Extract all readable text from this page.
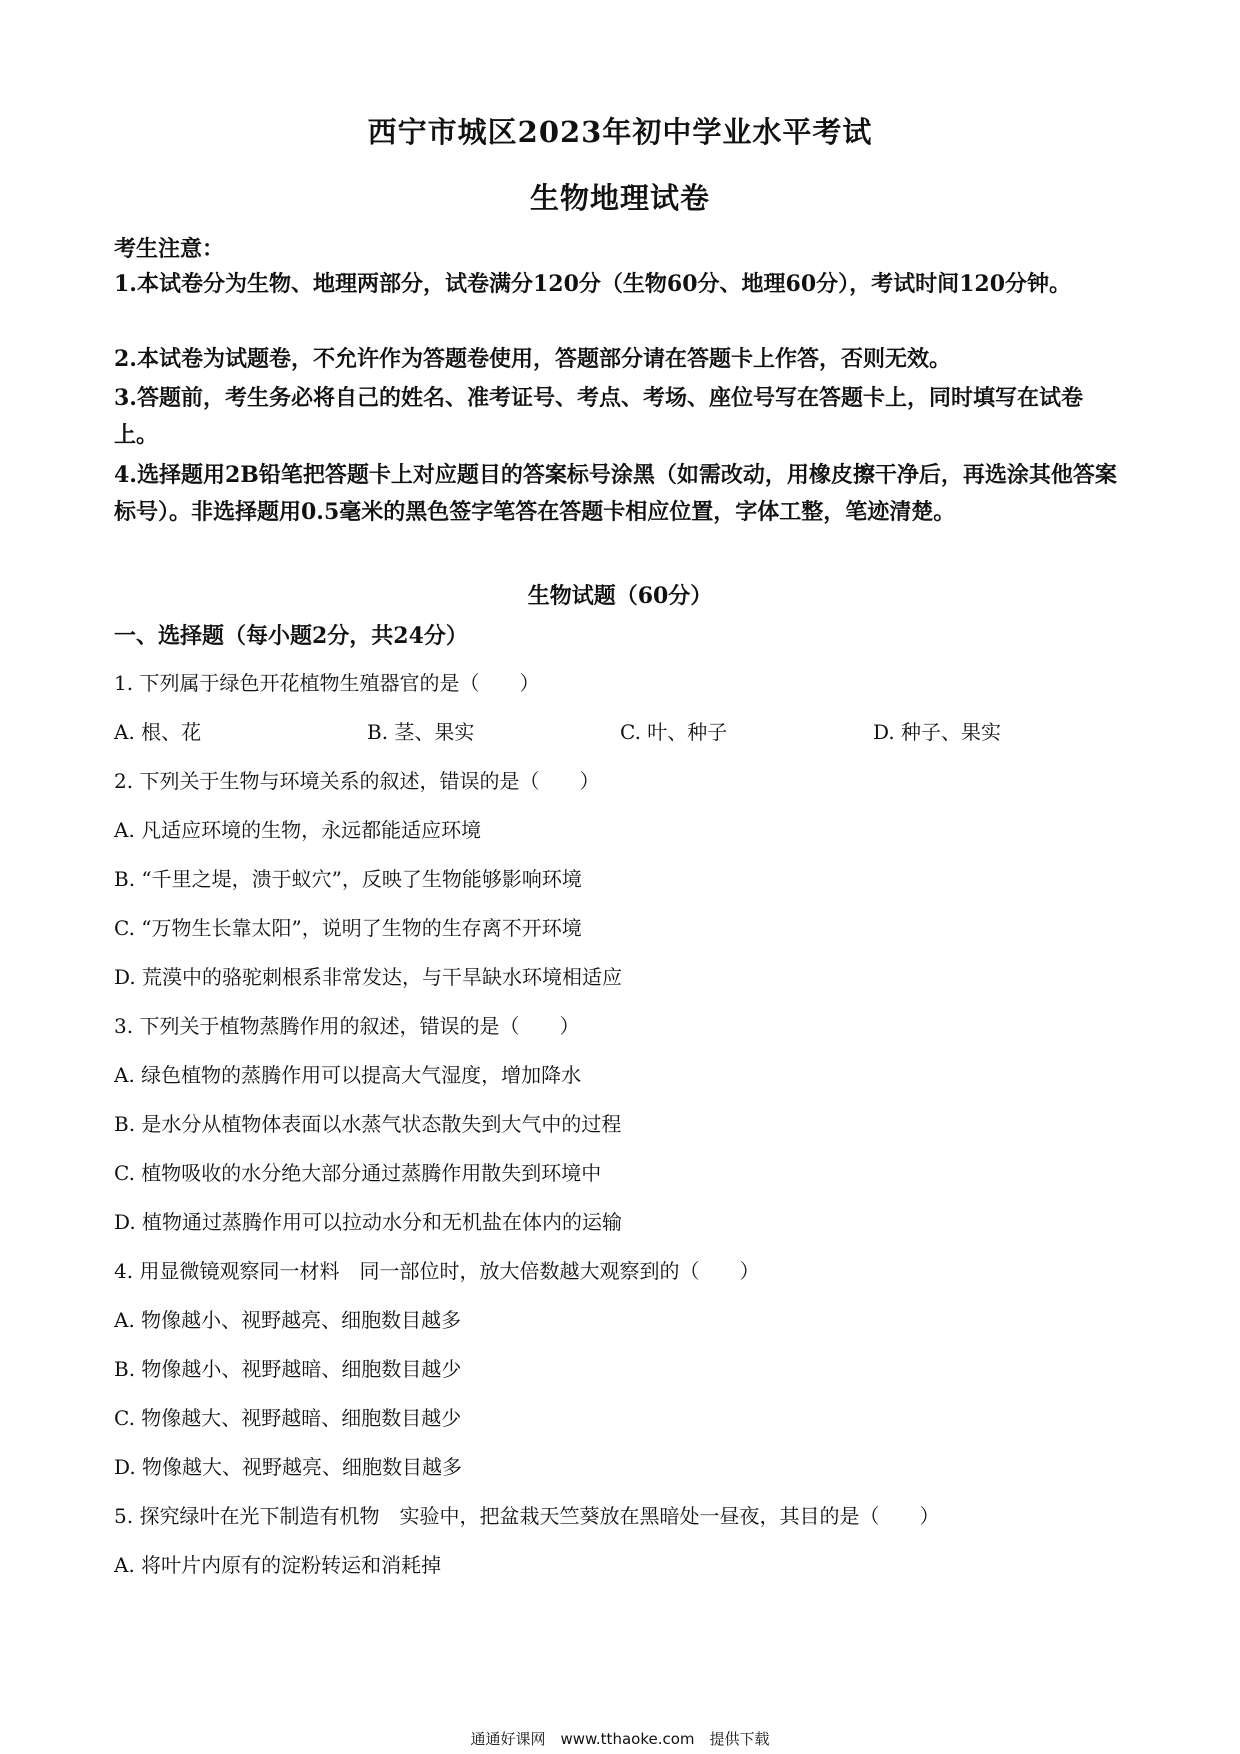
西宁市城区2023年初中学业水平考试
生物地理试卷
考生注意：
1.本试卷分为生物、地理两部分，试卷满分120分（生物60分、地理60分），考试时间120分钟。
2.本试卷为试题卷，不允许作为答题卷使用，答题部分请在答题卡上作答，否则无效。
3.答题前，考生务必将自己的姓名、准考证号、考点、考场、座位号写在答题卡上，同时填写在试卷上。
4.选择题用2B铅笔把答题卡上对应题目的答案标号涂黑（如需改动，用橡皮擦干净后，再选涂其他答案标号）。非选择题用0.5毫米的黑色签字笔答在答题卡相应位置，字体工整，笔迹清楚。
生物试题（60分）
一、选择题（每小题2分，共24分）
1. 下列属于绿色开花植物生殖器官的是（　　）
A. 根、花	B. 茎、果实	C. 叶、种子	D. 种子、果实
2. 下列关于生物与环境关系的叙述，错误的是（　　）
A. 凡适应环境的生物，永远都能适应环境
B. “千里之堤，溃于蚁穴”，反映了生物能够影响环境
C. “万物生长靠太阳”，说明了生物的生存离不开环境
D. 荒漠中的骆驼刺根系非常发达，与干旱缺水环境相适应
3. 下列关于植物蒸腾作用的叙述，错误的是（　　）
A. 绿色植物的蒸腾作用可以提高大气湿度，增加降水
B. 是水分从植物体表面以水蒸气状态散失到大气中的过程
C. 植物吸收的水分绝大部分通过蒸腾作用散失到环境中
D. 植物通过蒸腾作用可以拉动水分和无机盐在体内的运输
4. 用显微镜观察同一材料　同一部位时，放大倍数越大观察到的（　　）
A. 物像越小、视野越亮、细胞数目越多
B. 物像越小、视野越暗、细胞数目越少
C. 物像越大、视野越暗、细胞数目越少
D. 物像越大、视野越亮、细胞数目越多
5. 探究绿叶在光下制造有机物　实验中，把盆栽天竺葵放在黑暗处一昼夜，其目的是（　　）
A. 将叶片内原有的淀粉转运和消耗掉
通通好课网　www.tthaoke.com　提供下载
